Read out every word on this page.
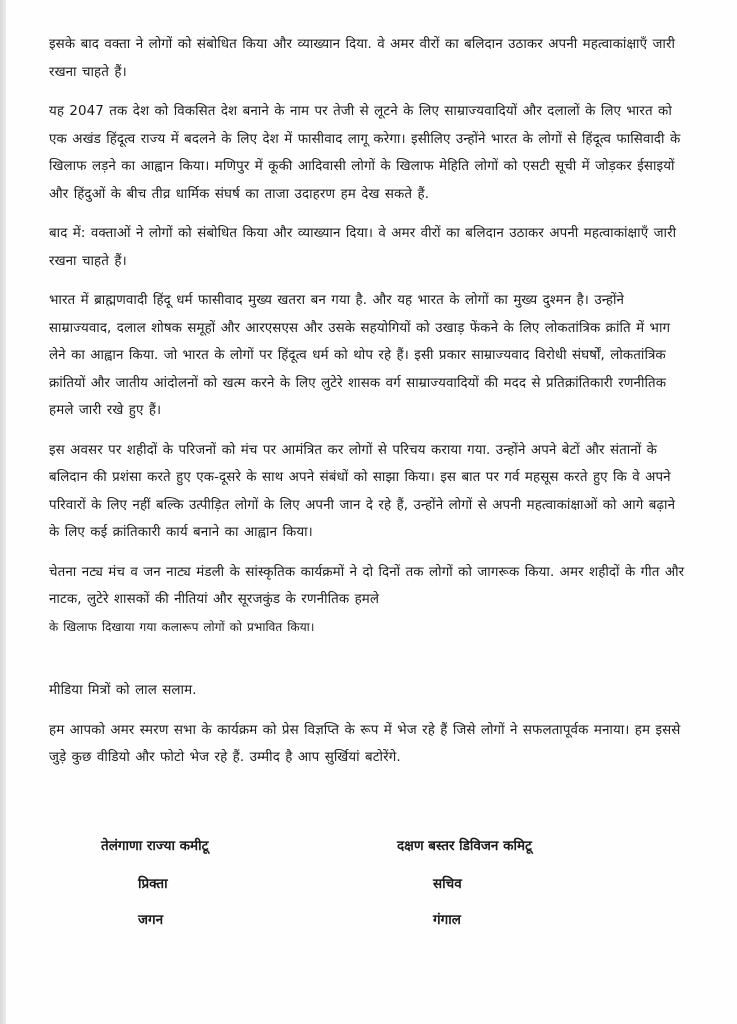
इसके बाद वक्ता ने लोगों को संबोधित किया और व्याख्यान दिया. वे अमर वीरों का बलिदान उठाकर अपनी महत्वाकांक्षाएँ जारी रखना चाहते हैं।

यह 2047 तक देश को विकसित देश बनाने के नाम पर तेजी से लूटने के लिए साम्राज्यवादियों और दलालों के लिए भारत को एक अखंड हिंदूत्व राज्य में बदलने के लिए देश में फासीवाद लागू करेगा। इसीलिए उन्होंने भारत के लोगों से हिंदूत्व फासिवादी के खिलाफ लड़ने का आह्वान किया। मणिपुर में कूकी आदिवासी लोगों के खिलाफ मेहिति लोगों को एसटी सूची में जोड़कर ईसाइयों और हिंदुओं के बीच तीव्र धार्मिक संघर्ष का ताजा उदाहरण हम देख सकते हैं.

बाद में: वक्ताओं ने लोगों को संबोधित किया और व्याख्यान दिया। वे अमर वीरों का बलिदान उठाकर अपनी महत्वाकांक्षाएँ जारी रखना चाहते हैं।

भारत में ब्राह्मणवादी हिंदू धर्म फासीवाद मुख्य खतरा बन गया है. और यह भारत के लोगों का मुख्य दुश्मन है। उन्होंने साम्राज्यवाद, दलाल शोषक समूहों और आरएसएस और उसके सहयोगियों को उखाड़ फेंकने के लिए लोकतांत्रिक क्रांति में भाग लेने का आह्वान किया. जो भारत के लोगों पर हिंदूत्व धर्म को थोप रहे हैं। इसी प्रकार साम्राज्यवाद विरोधी संघर्षों, लोकतांत्रिक क्रांतियों और जातीय आंदोलनों को खत्म करने के लिए लुटेरे शासक वर्ग साम्राज्यवादियों की मदद से प्रतिक्रांतिकारी रणनीतिक हमले जारी रखे हुए हैं।

इस अवसर पर शहीदों के परिजनों को मंच पर आमंत्रित कर लोगों से परिचय कराया गया. उन्होंने अपने बेटों और संतानों के बलिदान की प्रशंसा करते हुए एक-दूसरे के साथ अपने संबंधों को साझा किया। इस बात पर गर्व महसूस करते हुए कि वे अपने परिवारों के लिए नहीं बल्कि उत्पीड़ित लोगों के लिए अपनी जान दे रहे हैं, उन्होंने लोगों से अपनी महत्वाकांक्षाओं को आगे बढ़ाने के लिए कई क्रांतिकारी कार्य बनाने का आह्वान किया।

चेतना नट्य मंच व जन नाट्य मंडली के सांस्कृतिक कार्यक्रमों ने दो दिनों तक लोगों को जागरूक किया. अमर शहीदों के गीत और नाटक, लुटेरे शासकों की नीतियां और सूरजकुंड के रणनीतिक हमले
के खिलाफ दिखाया गया कलारूप लोगों को प्रभावित किया।

मीडिया मित्रों को लाल सलाम.

हम आपको अमर स्मरण सभा के कार्यक्रम को प्रेस विज्ञप्ति के रूप में भेज रहे हैं जिसे लोगों ने सफलतापूर्वक मनाया। हम इससे जुड़े कुछ वीडियो और फोटो भेज रहे हैं. उम्मीद है आप सुर्खियां बटोरेंगे.

तेलंगाणा राज्या कमीटू
प्रिक्ता
जगन
दक्षण बस्तर डिविजन कमिटू
सचिव
गंगाल
